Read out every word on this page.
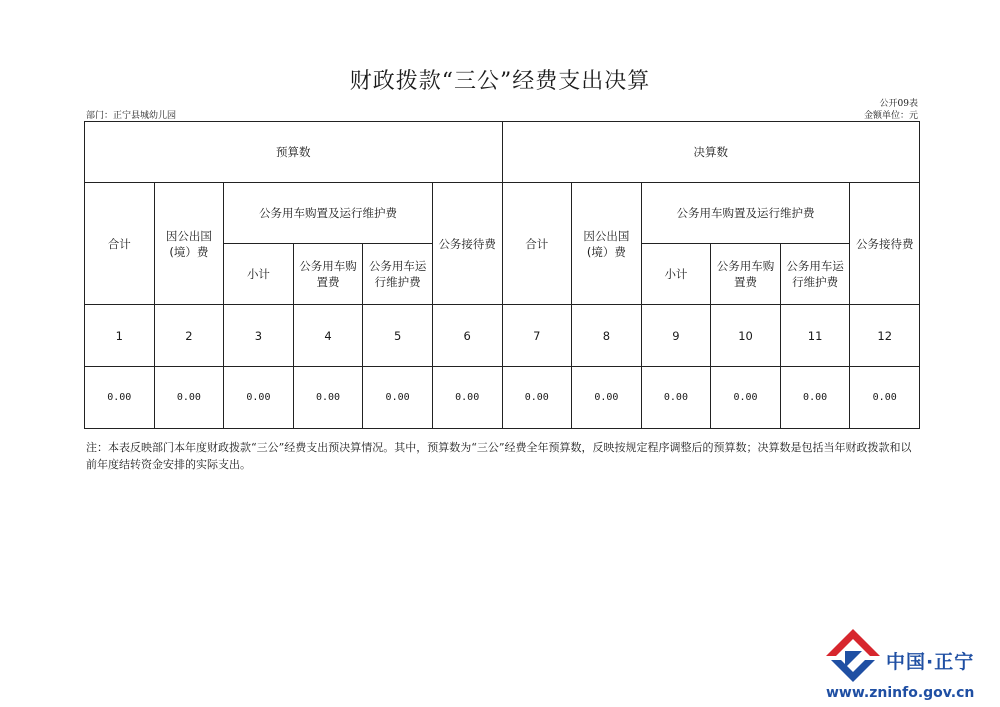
财政拨款“三公”经费支出决算
公开09表
部门：正宁县城幼儿园	金额单位：元
预算数						决算数					
合计	因公出国(境）费	公务用车购置及运行维护费			公务接待费	合计	因公出国(境）费	公务用车购置及运行维护费			公务接待费
		小计	公务用车购置费	公务用车运行维护费				小计	公务用车购置费	公务用车运行维护费	
1	2	3	4	5	6	7	8	9	10	11	12
0.00	0.00	0.00	0.00	0.00	0.00	0.00	0.00	0.00	0.00	0.00	0.00
注：本表反映部门本年度财政拨款“三公”经费支出预决算情况。其中，预算数为“三公”经费全年预算数，反映按规定程序调整后的预算数；决算数是包括当年财政拨款和以前年度结转资金安排的实际支出。
中国·正宁
www.zninfo.gov.cn
